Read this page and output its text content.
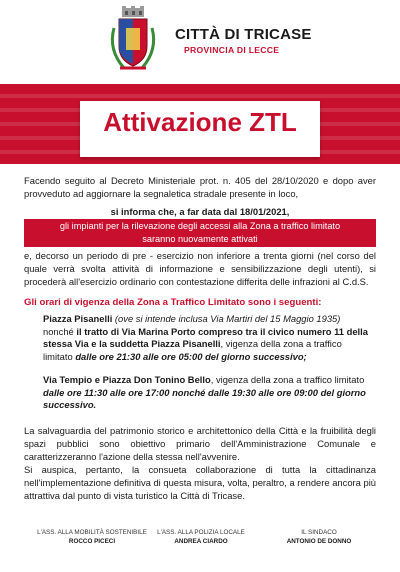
CITTÀ DI TRICASE
PROVINCIA DI LECCE
Attivazione ZTL
Facendo seguito al Decreto Ministeriale prot. n. 405 del 28/10/2020 e dopo aver provveduto ad aggiornare la segnaletica stradale presente in loco,
si informa che, a far data dal 18/01/2021,
gli impianti per la rilevazione degli accessi alla Zona a traffico limitato
saranno nuovamente attivati
e, decorso un periodo di pre - esercizio non inferiore a trenta giorni (nel corso del quale verrà svolta attività di informazione e sensibilizzazione degli utenti), si procederà all'esercizio ordinario con contestazione differita delle infrazioni al C.d.S.
Gli orari di vigenza della Zona a Traffico Limitato sono i seguenti:
Piazza Pisanelli (ove si intende inclusa Via Martiri del 15 Maggio 1935) nonché il tratto di Via Marina Porto compreso tra il civico numero 11 della stessa Via e la suddetta Piazza Pisanelli, vigenza della zona a traffico limitato dalle ore 21:30 alle ore 05:00 del giorno successivo;
Via Tempio e Piazza Don Tonino Bello, vigenza della zona a traffico limitato dalle ore 11:30 alle ore 17:00 nonché dalle 19:30 alle ore 09:00 del giorno successivo.
La salvaguardia del patrimonio storico e architettonico della Città e la fruibilità degli spazi pubblici sono obiettivo primario dell'Amministrazione Comunale e caratterizzeranno l'azione della stessa nell'avvenire.
Si auspica, pertanto, la consueta collaborazione di tutta la cittadinanza nell'implementazione definitiva di questa misura, volta, peraltro, a rendere ancora più attrattiva dal punto di vista turistico la Città di Tricase.
L'ASS. ALLA MOBILITÀ SOSTENIBILE
ROCCO PICECI
L'ASS. ALLA POLIZIA LOCALE
ANDREA CIARDO
IL SINDACO
ANTONIO DE DONNO
